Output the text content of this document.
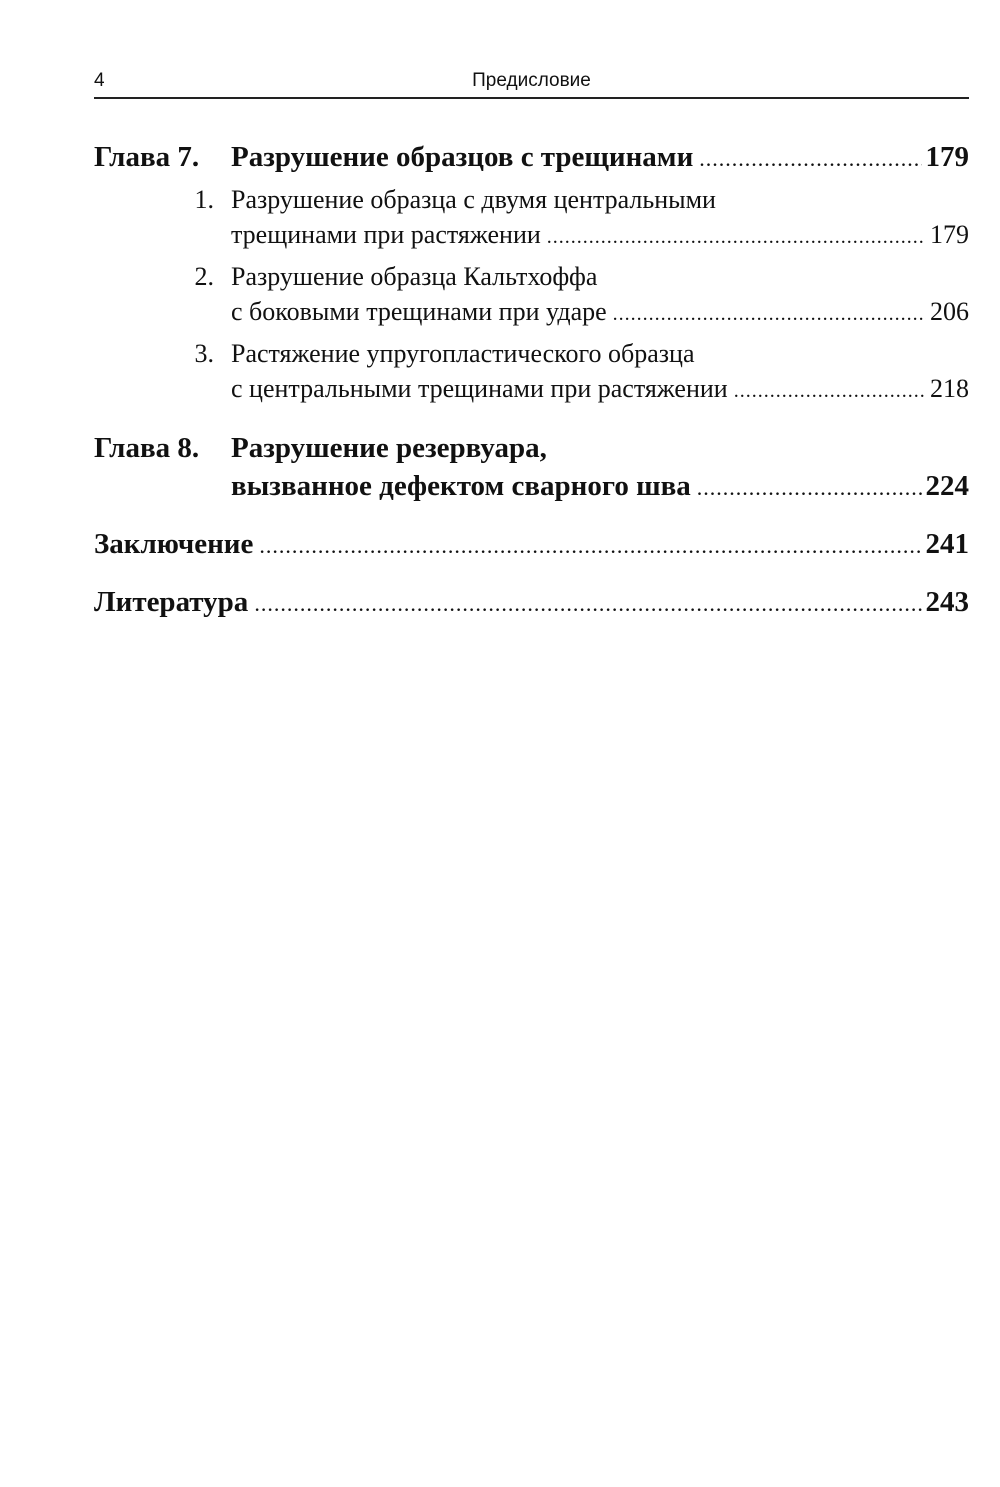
4	Предисловие
Глава 7. Разрушение образцов с трещинами .....	179
1. Разрушение образца с двумя центральными
трещинами при растяжении .....	179
2. Разрушение образца Кальтхоффа
с боковыми трещинами при ударе .....	206
3. Растяжение упругопластического образца
с центральными трещинами при растяжении .....	218
Глава 8. Разрушение резервуара,
вызванное дефектом сварного шва .....	224
Заключение .....	241
Литература .....	243
